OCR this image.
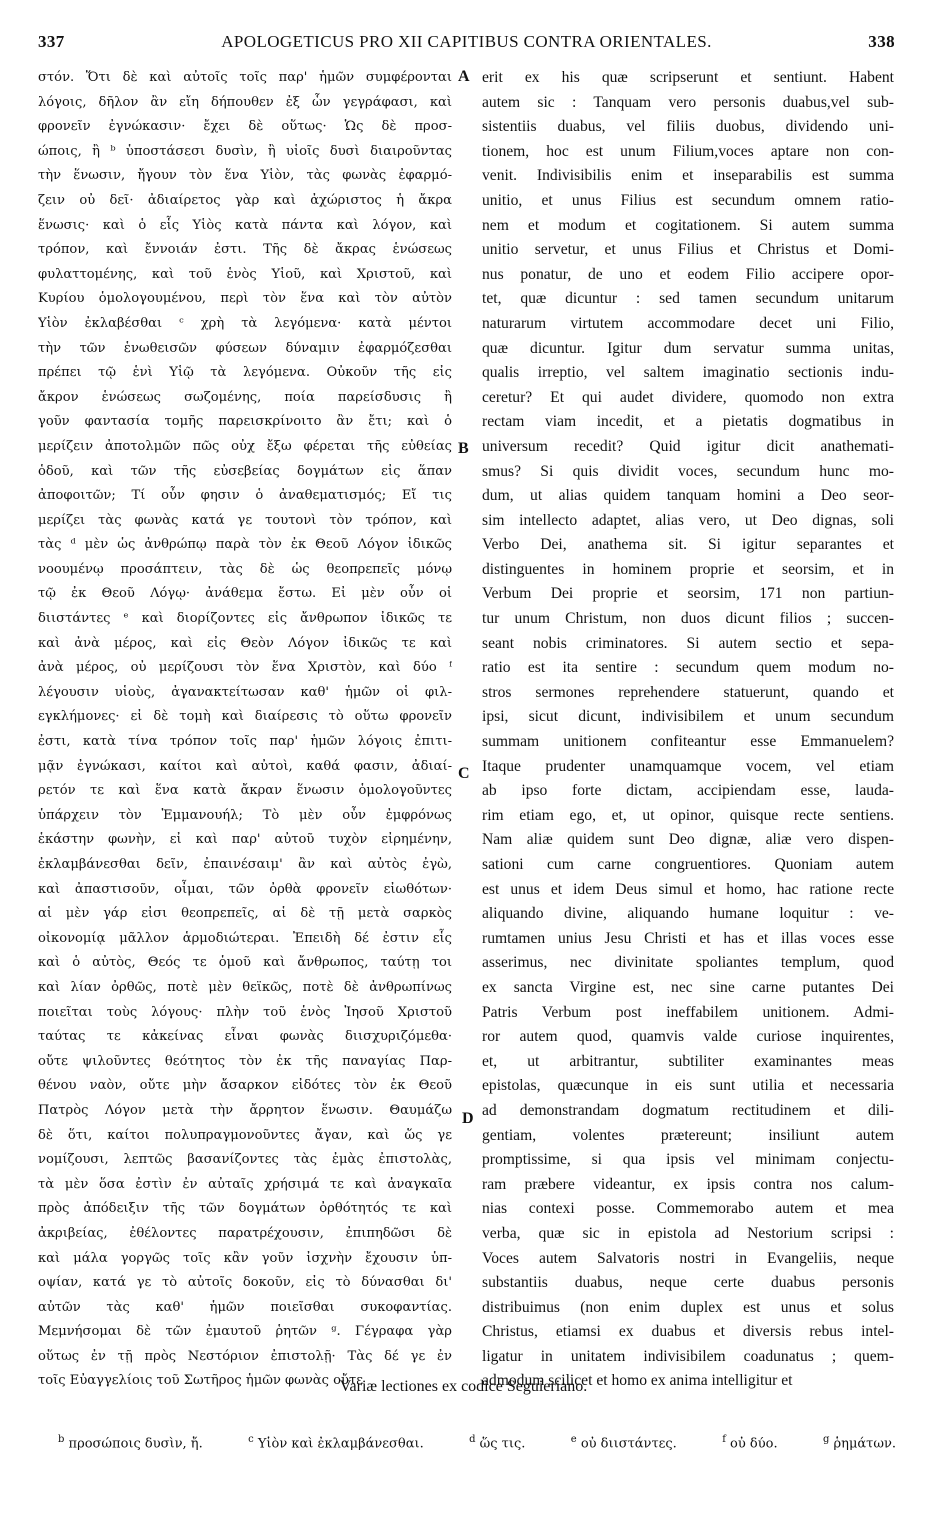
337	APOLOGETICUS PRO XII CAPITIBUS CONTRA ORIENTALES.	338
στόν. Ὅτι δὲ καὶ αὐτοῖς τοῖς παρ' ἡμῶν συμφέρονται
λόγοις, δῆλον ἂν εἴη δήπουθεν ἐξ ὧν γεγράφασι, καὶ
φρονεῖν ἐγνώκασιν· ἔχει δὲ οὕτως· Ὡς δὲ προσ-
ώποις, ἢ ᵇ ὑποστάσεσι δυσὶν, ἢ υἱοῖς δυσὶ διαιροῦντας
τὴν ἕνωσιν, ἤγουν τὸν ἕνα Υἱὸν, τὰς φωνὰς ἐφαρμό-
ζειν οὐ δεῖ· ἀδιαίρετος γὰρ καὶ ἀχώριστος ἡ ἄκρα
ἕνωσις· καὶ ὁ εἷς Υἱὸς κατὰ πάντα καὶ λόγον, καὶ
τρόπον, καὶ ἔννοιάν ἐστι. Τῆς δὲ ἄκρας ἑνώσεως
φυλαττομένης, καὶ τοῦ ἑνὸς Υἱοῦ, καὶ Χριστοῦ, καὶ
Κυρίου ὁμολογουμένου, περὶ τὸν ἕνα καὶ τὸν αὐτὸν
Υἱὸν ἐκλαβέσθαι ᶜ χρὴ τὰ λεγόμενα· κατὰ μέντοι
τὴν τῶν ἑνωθεισῶν φύσεων δύναμιν ἐφαρμόζεσθαι
πρέπει τῷ ἑνὶ Υἱῷ τὰ λεγόμενα. Οὐκοῦν τῆς εἰς
ἄκρον ἑνώσεως σωζομένης, ποία παρείσδυσις ἢ
γοῦν φαντασία τομῆς παρεισκρίνοιτο ἂν ἔτι; καὶ ὁ
μερίζειν ἀποτολμῶν πῶς οὐχ ἔξω φέρεται τῆς εὐθείας
ὁδοῦ, καὶ τῶν τῆς εὐσεβείας δογμάτων εἰς ἅπαν
ἀποφοιτῶν; Τί οὖν φησιν ὁ ἀναθεματισμός; Εἴ τις
μερίζει τὰς φωνὰς κατά γε τουτονὶ τὸν τρόπον, καὶ
τὰς ᵈ μὲν ὡς ἀνθρώπῳ παρὰ τὸν ἐκ Θεοῦ Λόγον ἰδικῶς
νοουμένῳ προσάπτειν, τὰς δὲ ὡς θεοπρεπεῖς μόνῳ
τῷ ἐκ Θεοῦ Λόγῳ· ἀνάθεμα ἔστω. Εἰ μὲν οὖν οἱ
διιστάντες ᵉ καὶ διορίζοντες εἰς ἄνθρωπον ἰδικῶς τε
καὶ ἀνὰ μέρος, καὶ εἰς Θεὸν Λόγον ἰδικῶς τε καὶ
ἀνὰ μέρος, οὐ μερίζουσι τὸν ἕνα Χριστὸν, καὶ δύο ᶠ
λέγουσιν υἱοὺς, ἀγανακτείτωσαν καθ' ἡμῶν οἱ φιλ-
εγκλήμονες· εἰ δὲ τομὴ καὶ διαίρεσις τὸ οὕτω φρονεῖν
ἐστι, κατὰ τίνα τρόπον τοῖς παρ' ἡμῶν λόγοις ἐπιτι-
μᾷν ἐγνώκασι, καίτοι καὶ αὐτοὶ, καθά φασιν, ἀδιαί-
ρετόν τε καὶ ἕνα κατὰ ἄκραν ἕνωσιν ὁμολογοῦντες
ὑπάρχειν τὸν Ἐμμανουήλ; Τὸ μὲν οὖν ἐμφρόνως
ἑκάστην φωνὴν, εἰ καὶ παρ' αὐτοῦ τυχὸν εἰρημένην,
ἐκλαμβάνεσθαι δεῖν, ἐπαινέσαιμ' ἂν καὶ αὐτὸς ἐγὼ,
καὶ ἀπαστισοῦν, οἶμαι, τῶν ὀρθὰ φρονεῖν εἰωθότων·
αἱ μὲν γάρ εἰσι θεοπρεπεῖς, αἱ δὲ τῇ μετὰ σαρκὸς
οἰκονομίᾳ μᾶλλον ἁρμοδιώτεραι. Ἐπειδὴ δέ ἐστιν εἷς
καὶ ὁ αὐτὸς, Θεός τε ὁμοῦ καὶ ἄνθρωπος, ταύτῃ τοι
καὶ λίαν ὀρθῶς, ποτὲ μὲν θεϊκῶς, ποτὲ δὲ ἀνθρωπίνως
ποιεῖται τοὺς λόγους· πλὴν τοῦ ἑνὸς Ἰησοῦ Χριστοῦ
ταύτας τε κἀκείνας εἶναι φωνὰς διισχυριζόμεθα·
οὔτε ψιλοῦντες θεότητος τὸν ἐκ τῆς παναγίας Παρ-
θένου ναὸν, οὔτε μὴν ἄσαρκον εἰδότες τὸν ἐκ Θεοῦ
Πατρὸς Λόγον μετὰ τὴν ἄρρητον ἕνωσιν. Θαυμάζω
δὲ ὅτι, καίτοι πολυπραγμονοῦντες ἄγαν, καὶ ὥς γε
νομίζουσι, λεπτῶς βασανίζοντες τὰς ἐμὰς ἐπιστολὰς,
τὰ μὲν ὅσα ἐστὶν ἐν αὐταῖς χρήσιμά τε καὶ ἀναγκαῖα
πρὸς ἀπόδειξιν τῆς τῶν δογμάτων ὀρθότητός τε καὶ
ἀκριβείας, ἐθέλοντες παρατρέχουσιν, ἐπιπηδῶσι δὲ
καὶ μάλα γοργῶς τοῖς κἂν γοῦν ἰσχνὴν ἔχουσιν ὑπ-
οψίαν, κατά γε τὸ αὐτοῖς δοκοῦν, εἰς τὸ δύνασθαι δι'
αὐτῶν τὰς καθ' ἡμῶν ποιεῖσθαι συκοφαντίας.
Μεμνήσομαι δὲ τῶν ἐμαυτοῦ ῥητῶν ᵍ. Γέγραφα γὰρ
οὕτως ἐν τῇ πρὸς Νεστόριον ἐπιστολῇ· Τὰς δέ γε ἐν
τοῖς Εὐαγγελίοις τοῦ Σωτῆρος ἡμῶν φωνὰς οὔτε
A
B
C
D
erit ex his quæ scripserunt et sentiunt. Habent
autem sic : Tanquam vero personis duabus,vel sub-
sistentiis duabus, vel filiis duobus, dividendo uni-
tionem, hoc est unum Filium,voces aptare non con-
venit. Indivisibilis enim et inseparabilis est summa
unitio, et unus Filius est secundum omnem ratio-
nem et modum et cogitationem. Si autem summa
unitio servetur, et unus Filius et Christus et Domi-
nus ponatur, de uno et eodem Filio accipere opor-
tet, quæ dicuntur : sed tamen secundum unitarum
naturarum virtutem accommodare decet uni Filio,
quæ dicuntur. Igitur dum servatur summa unitas,
qualis irreptio, vel saltem imaginatio sectionis indu-
ceretur? Et qui audet dividere, quomodo non extra
rectam viam incedit, et a pietatis dogmatibus in
universum recedit? Quid igitur dicit anathemati-
smus? Si quis dividit voces, secundum hunc mo-
dum, ut alias quidem tanquam homini a Deo seor-
sim intellecto adaptet, alias vero, ut Deo dignas, soli
Verbo Dei, anathema sit. Si igitur separantes et
distinguentes in hominem proprie et seorsim, et in
Verbum Dei proprie et seorsim, 171 non partiun-
tur unum Christum, non duos dicunt filios ; succen-
seant nobis criminatores. Si autem sectio et sepa-
ratio est ita sentire : secundum quem modum no-
stros sermones reprehendere statuerunt, quando et
ipsi, sicut dicunt, indivisibilem et unum secundum
summam unitionem confiteantur esse Emmanuelem?
Itaque prudenter unamquamque vocem, vel etiam
ab ipso forte dictam, accipiendam esse, lauda-
rim etiam ego, et, ut opinor, quisque recte sentiens.
Nam aliæ quidem sunt Deo dignæ, aliæ vero dispen-
sationi cum carne congruentiores. Quoniam autem
est unus et idem Deus simul et homo, hac ratione recte
aliquando divine, aliquando humane loquitur : ve-
rumtamen unius Jesu Christi et has et illas voces esse
asserimus, nec divinitate spoliantes templum, quod
ex sancta Virgine est, nec sine carne putantes Dei
Patris Verbum post ineffabilem unitionem. Admi-
ror autem quod, quamvis valde curiose inquirentes,
et, ut arbitrantur, subtiliter examinantes meas
epistolas, quæcunque in eis sunt utilia et necessaria
ad demonstrandam dogmatum rectitudinem et dili-
gentiam, volentes prætereunt; insiliunt autem
promptissime, si qua ipsis vel minimam conjectu-
ram præbere videantur, ex ipsis contra nos calum-
nias contexi posse. Commemorabo autem et mea
verba, quæ sic in epistola ad Nestorium scripsi :
Voces autem Salvatoris nostri in Evangeliis, neque
substantiis duabus, neque certe duabus personis
distribuimus (non enim duplex est unus et solus
Christus, etiamsi ex duabus et diversis rebus intel-
ligatur in unitatem indivisibilem coadunatus ; quem-
admodum scilicet et homo ex anima intelligitur et
Variæ lectiones ex codice Seguieriano.
$^b$ προσώποις δυσὶν, ἤ.	$^c$ Υἱὸν καὶ ἐκλαμβάνεσθαι.	$^d$ ὥς τις.	$^e$ οὐ διιστάντες.	$^f$ οὐ δύο.	$^g$ ῥημάτων.
